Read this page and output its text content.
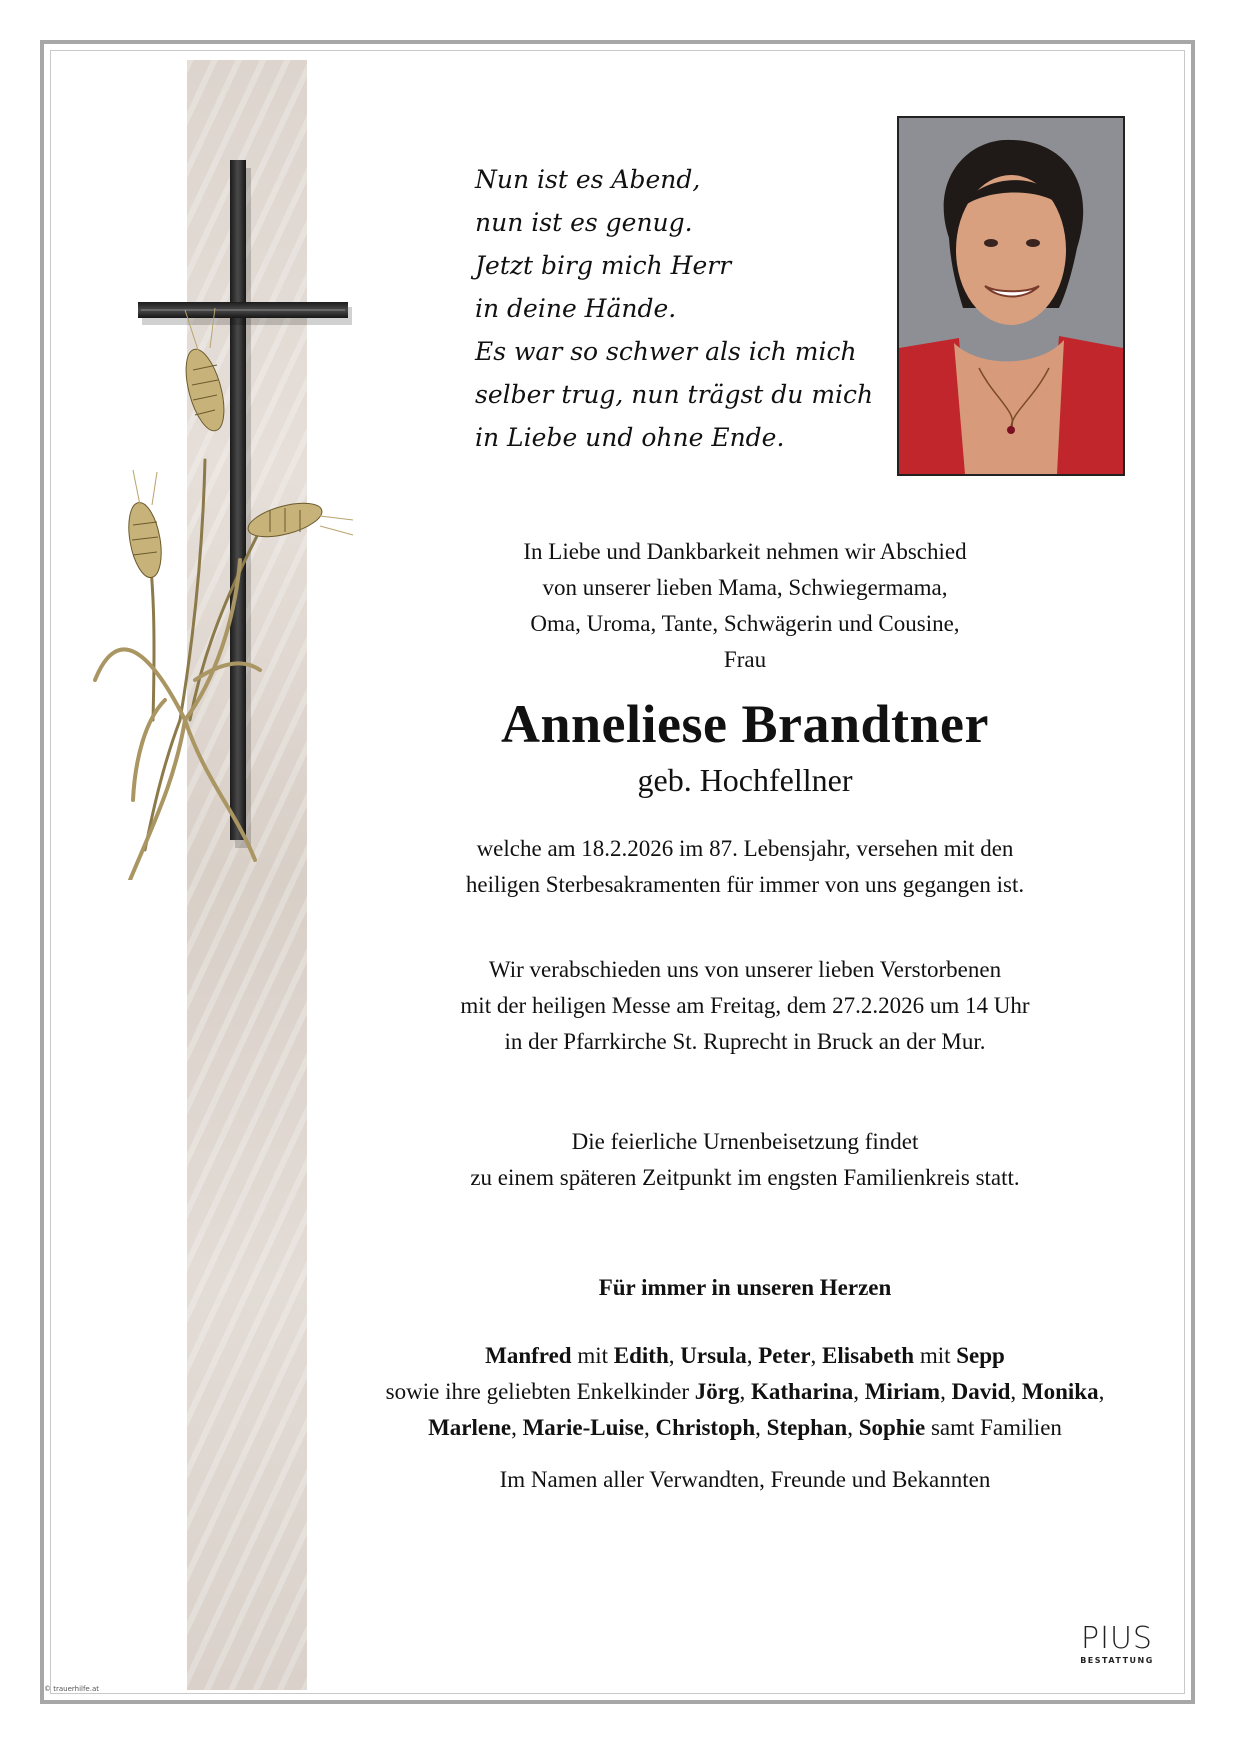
Nun ist es Abend,
nun ist es genug.
Jetzt birg mich Herr
in deine Hände.
Es war so schwer als ich mich
selber trug, nun trägst du mich
in Liebe und ohne Ende.
In Liebe und Dankbarkeit nehmen wir Abschied
von unserer lieben Mama, Schwiegermama,
Oma, Uroma, Tante, Schwägerin und Cousine,
Frau
Anneliese Brandtner
geb. Hochfellner
welche am 18.2.2026 im 87. Lebensjahr, versehen mit den
heiligen Sterbesakramenten für immer von uns gegangen ist.
Wir verabschieden uns von unserer lieben Verstorbenen
mit der heiligen Messe am Freitag, dem 27.2.2026 um 14 Uhr
in der Pfarrkirche St. Ruprecht in Bruck an der Mur.
Die feierliche Urnenbeisetzung findet
zu einem späteren Zeitpunkt im engsten Familienkreis statt.
Für immer in unseren Herzen
Manfred mit Edith, Ursula, Peter, Elisabeth mit Sepp
sowie ihre geliebten Enkelkinder Jörg, Katharina, Miriam, David, Monika,
Marlene, Marie-Luise, Christoph, Stephan, Sophie samt Familien
Im Namen aller Verwandten, Freunde und Bekannten
PIUS
BESTATTUNG
© trauerhilfe.at
